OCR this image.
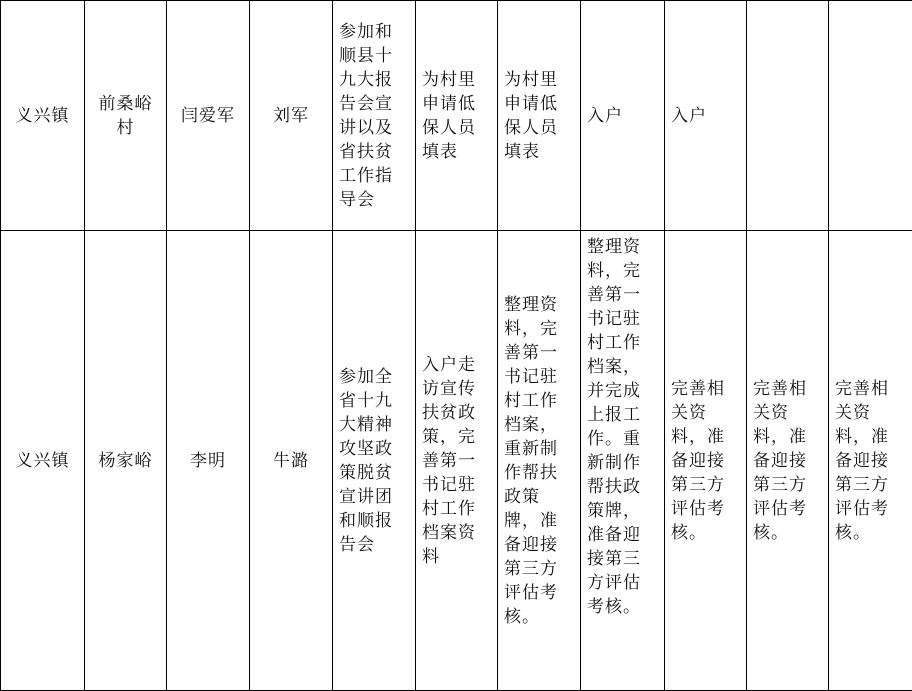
义兴镇	前桑峪村	闫爱军	刘军	参加和顺县十九大报告会宣讲以及省扶贫工作指导会	为村里申请低保人员填表	为村里申请低保人员填表	入户	入户		
义兴镇	杨家峪	李明	牛潞	参加全省十九大精神攻坚政策脱贫宣讲团和顺报告会	入户走访宣传扶贫政策，完善第一书记驻村工作档案资料	整理资料，完善第一书记驻村工作档案，重新制作帮扶政策牌，准备迎接第三方评估考核。	整理资料，完善第一书记驻村工作档案，并完成上报工作。重新制作帮扶政策牌，准备迎接第三方评估考核。	完善相关资料，准备迎接第三方评估考核。	完善相关资料，准备迎接第三方评估考核。	完善相关资料，准备迎接第三方评估考核。
